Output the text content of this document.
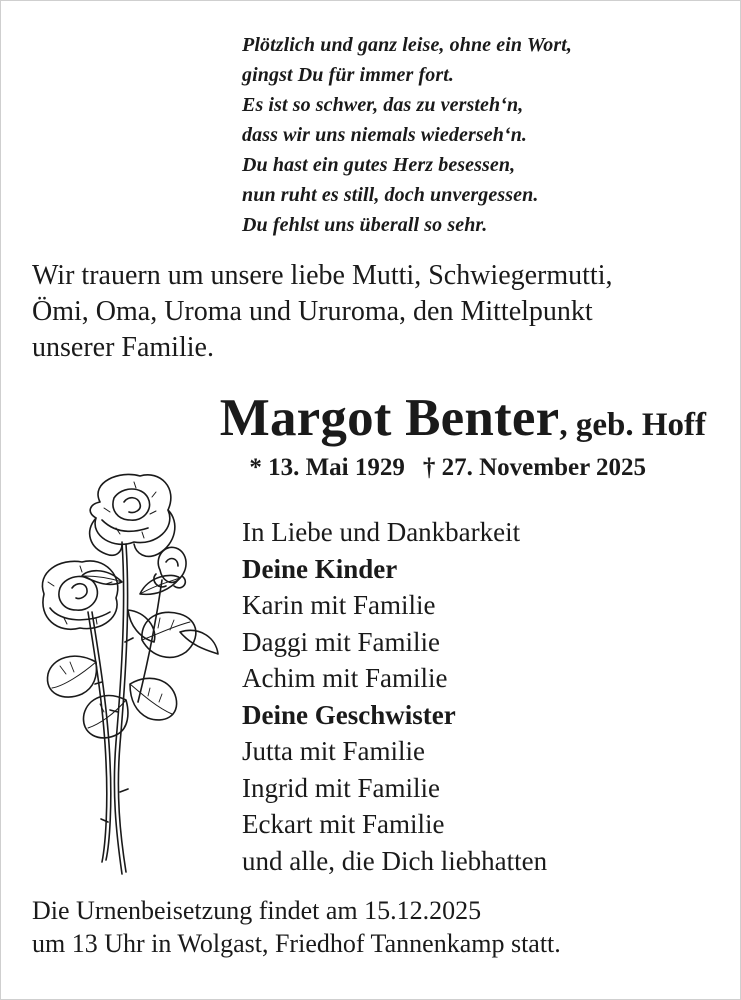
Plötzlich und ganz leise, ohne ein Wort,
gingst Du für immer fort.
Es ist so schwer, das zu versteh‘n,
dass wir uns niemals wiederseh‘n.
Du hast ein gutes Herz besessen,
nun ruht es still, doch unvergessen.
Du fehlst uns überall so sehr.
Wir trauern um unsere liebe Mutti, Schwiegermutti,
Ömi, Oma, Uroma und Ururoma, den Mittelpunkt
unserer Familie.
Margot Benter, geb. Hoff
* 13. Mai 1929 † 27. November 2025
In Liebe und Dankbarkeit
Deine Kinder
Karin mit Familie
Daggi mit Familie
Achim mit Familie
Deine Geschwister
Jutta mit Familie
Ingrid mit Familie
Eckart mit Familie
und alle, die Dich liebhatten
Die Urnenbeisetzung findet am 15.12.2025
um 13 Uhr in Wolgast, Friedhof Tannenkamp statt.
